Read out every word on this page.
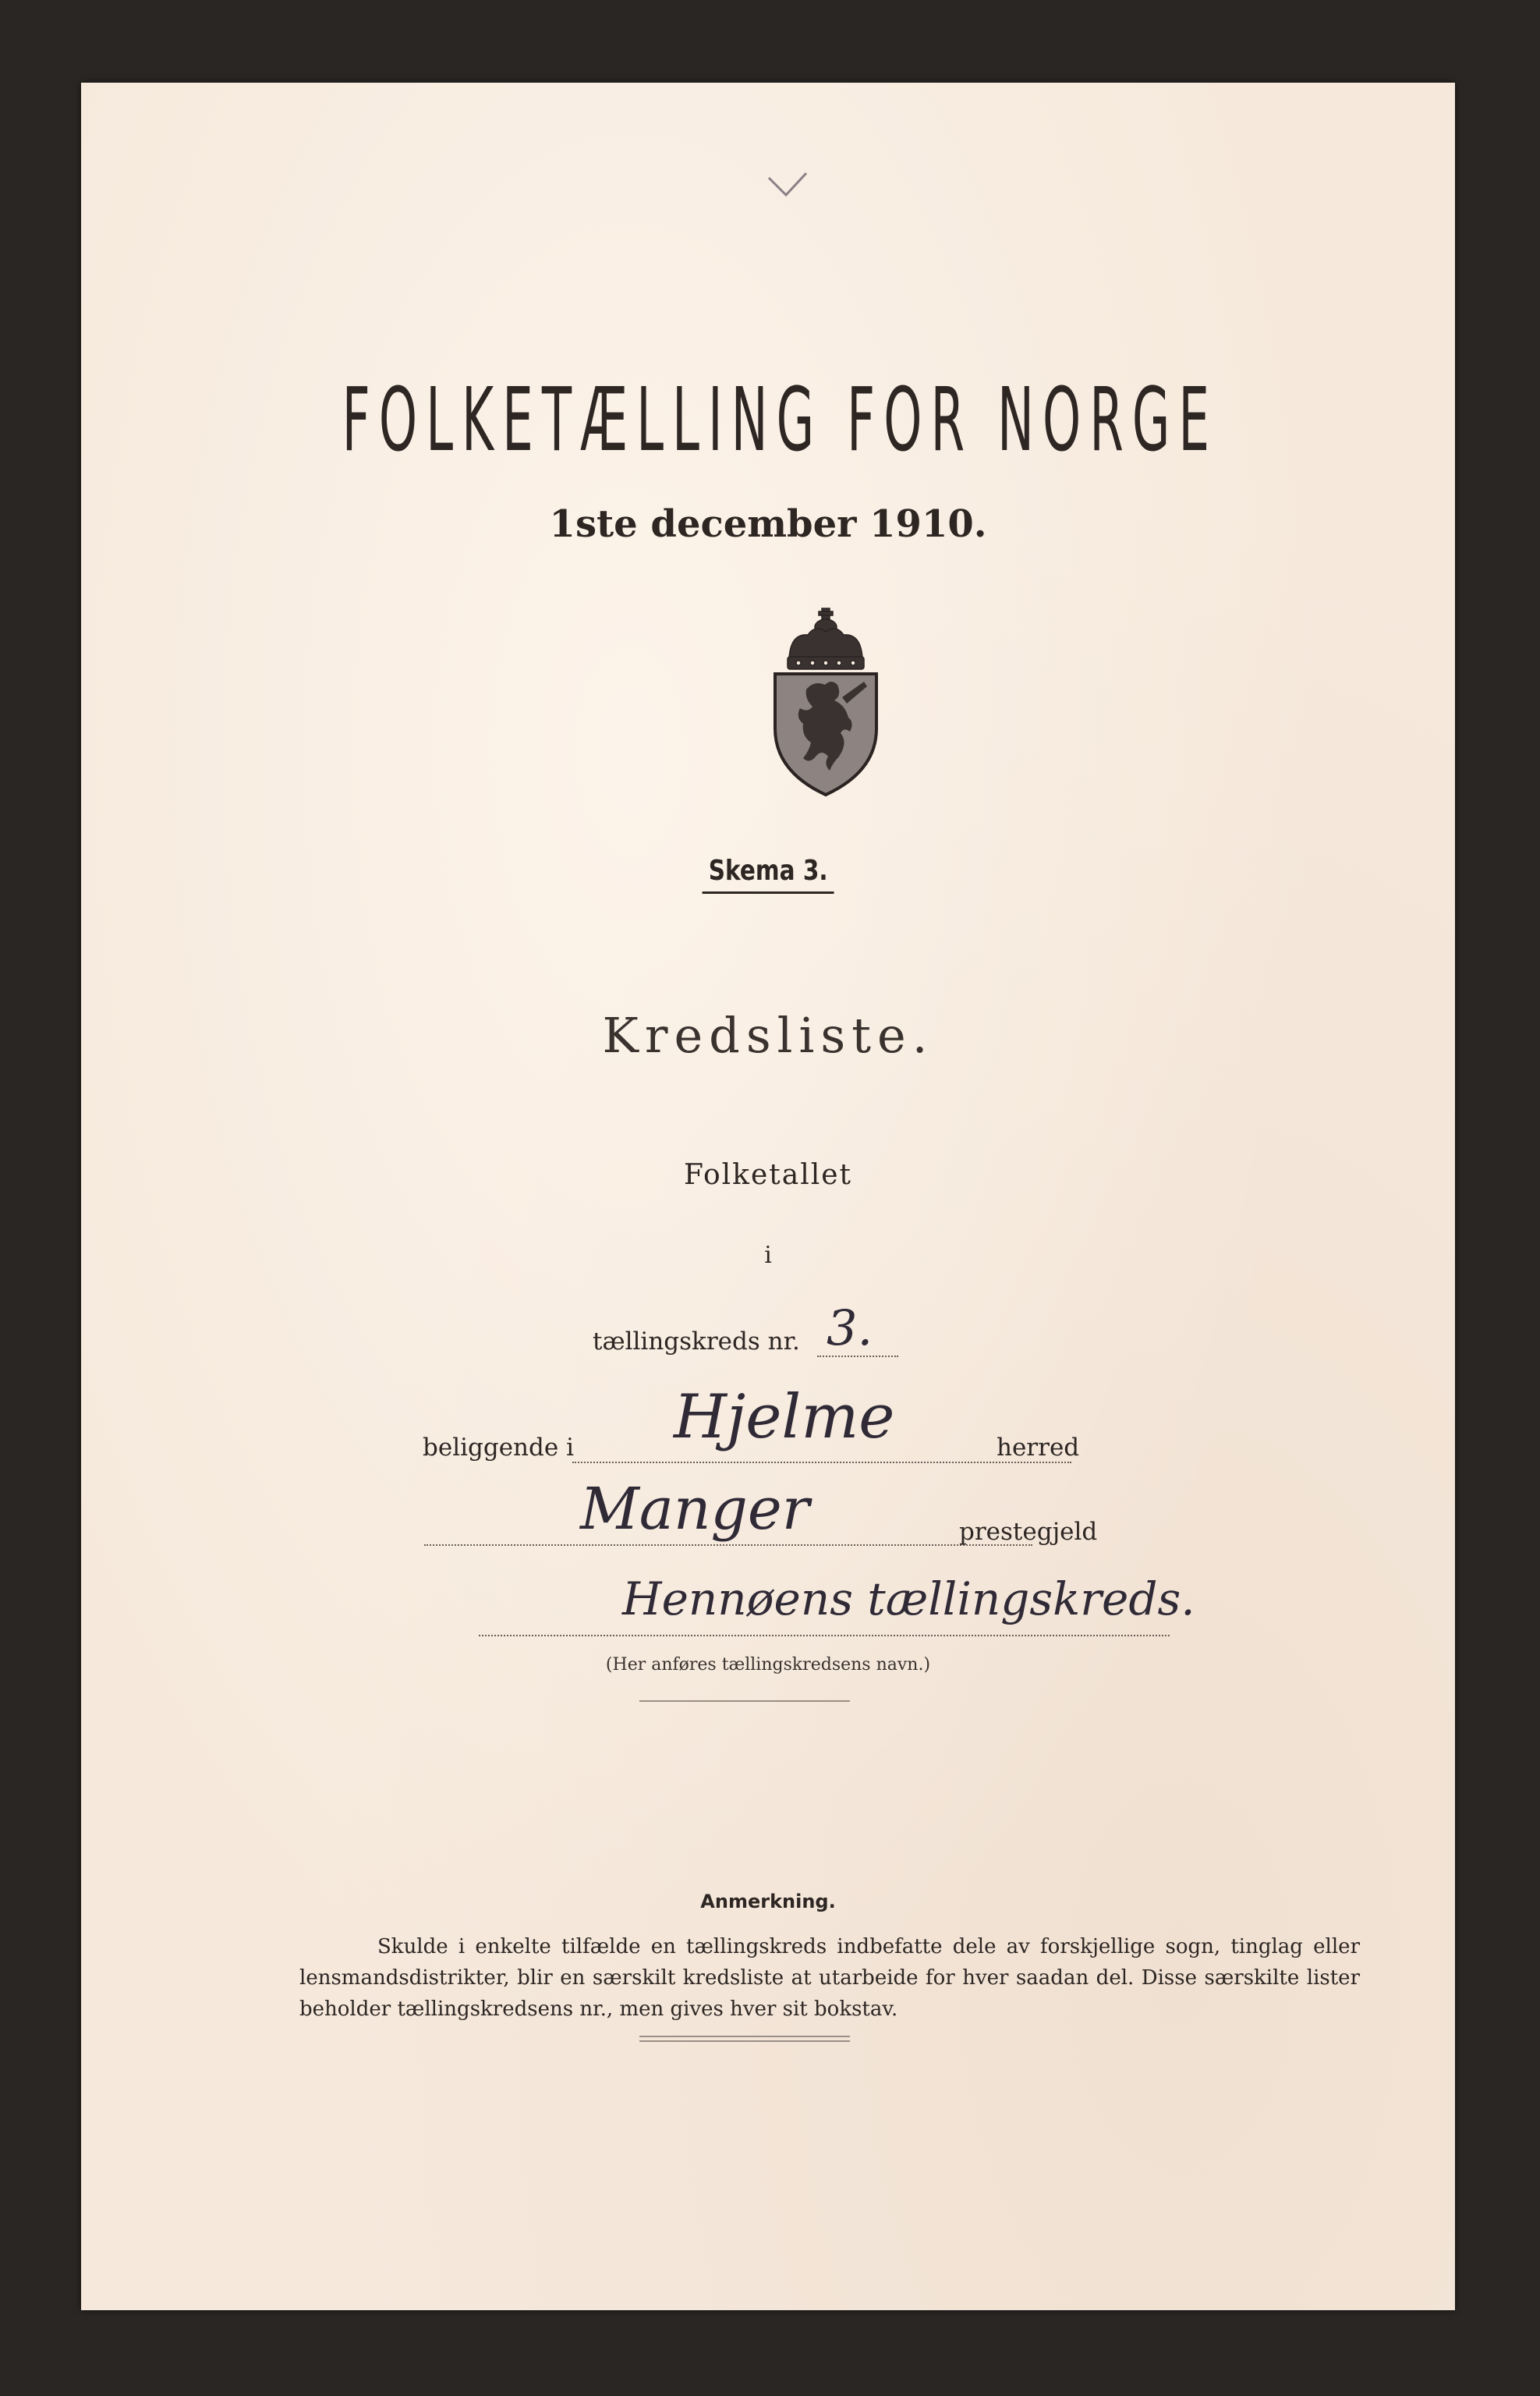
FOLKETÆLLING FOR NORGE
1ste december 1910.
Skema 3.
Kredsliste.
Folketallet
i
tællingskreds nr. 3.
beliggende i Hjelme	herred
Manger	prestegjeld
Hennøens tællingskreds.
(Her anføres tællingskredsens navn.)
Anmerkning.
Skulde i enkelte tilfælde en tællingskreds indbefatte dele av forskjellige sogn, tinglag eller lensmandsdistrikter, blir en særskilt kredsliste at utarbeide for hver saadan del. Disse særskilte lister beholder tællingskredsens nr., men gives hver sit bokstav.
